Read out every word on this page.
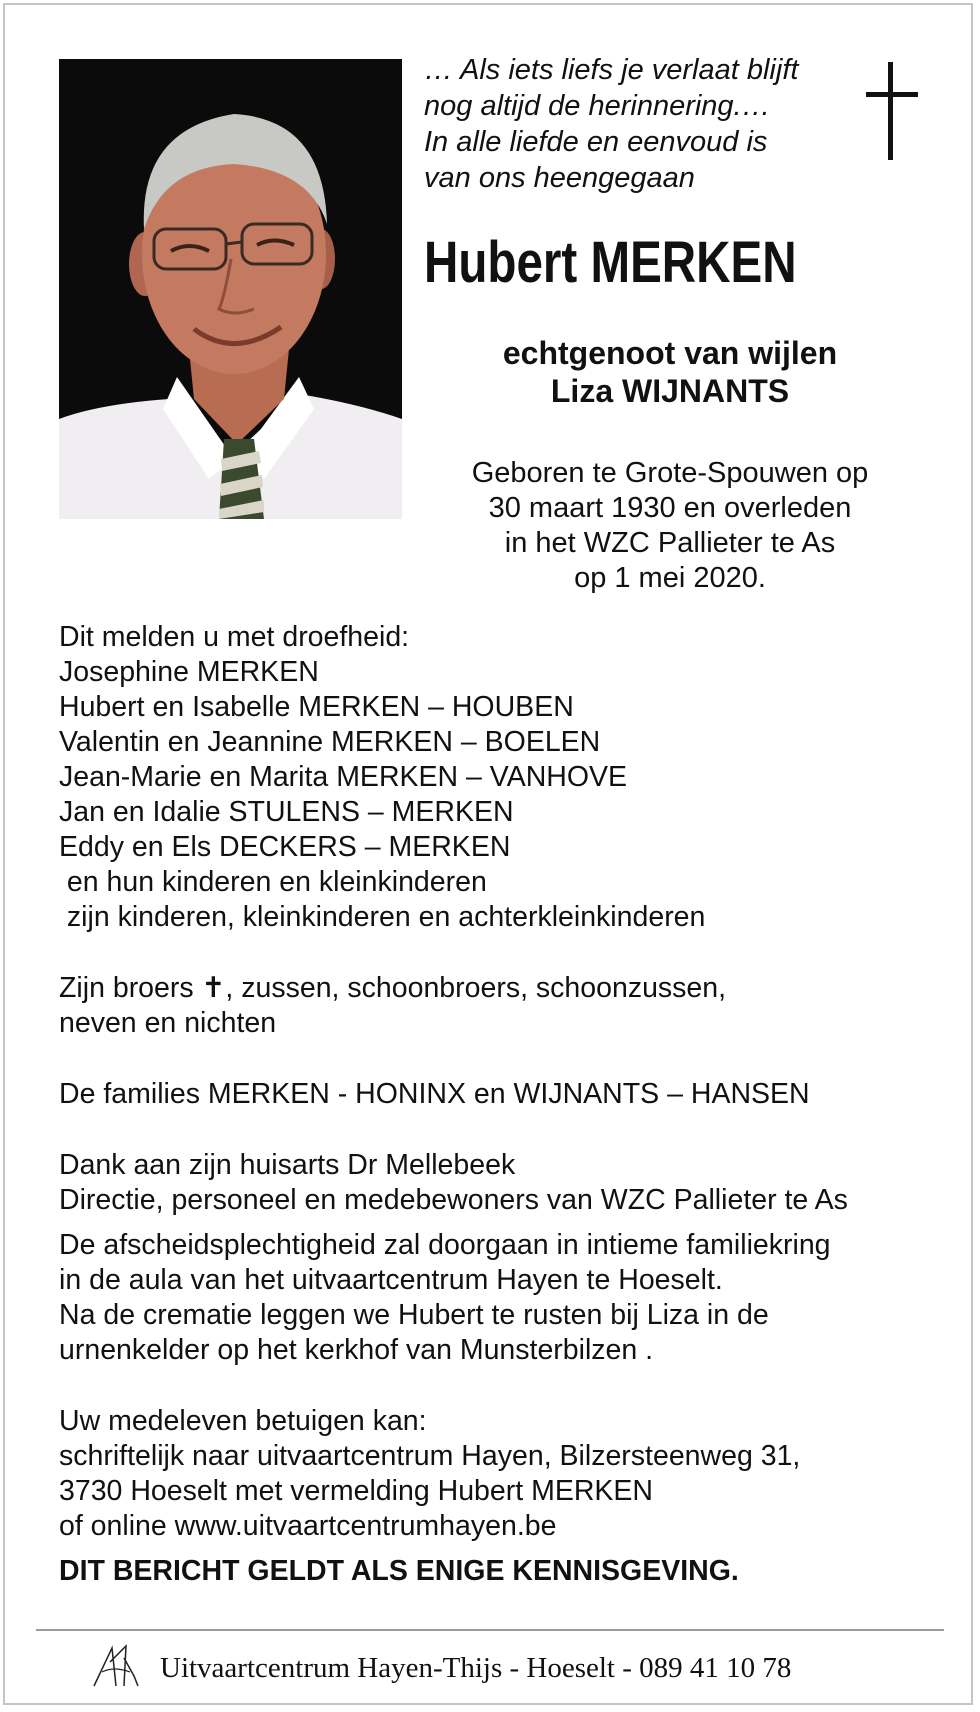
… Als iets liefs je verlaat blijft
nog altijd de herinnering.…
In alle liefde en eenvoud is
van ons heengegaan
Hubert MERKEN
echtgenoot van wijlen
Liza WIJNANTS
Geboren te Grote-Spouwen op
30 maart 1930 en overleden
in het WZC Pallieter te As
op 1 mei 2020.

Dit melden u met droefheid:

Josephine MERKEN

Hubert en Isabelle MERKEN – HOUBEN

Valentin en Jeannine MERKEN – BOELEN

Jean-Marie en Marita MERKEN – VANHOVE

Jan en Idalie STULENS – MERKEN

Eddy en Els DECKERS – MERKEN

en hun kinderen en kleinkinderen

zijn kinderen, kleinkinderen en achterkleinkinderen

Zijn broers ✝, zussen, schoonbroers, schoonzussen,

neven en nichten

De families MERKEN - HONINX en WIJNANTS – HANSEN

Dank aan zijn huisarts Dr Mellebeek

Directie, personeel en medebewoners van WZC Pallieter te As

De afscheidsplechtigheid zal doorgaan in intieme familiekring

in de aula van het uitvaartcentrum Hayen te Hoeselt.

Na de crematie leggen we Hubert te rusten bij Liza in de

urnenkelder op het kerkhof van Munsterbilzen .

Uw medeleven betuigen kan:

schriftelijk naar uitvaartcentrum Hayen, Bilzersteenweg 31,

3730 Hoeselt met vermelding Hubert MERKEN

of online www.uitvaartcentrumhayen.be

DIT BERICHT GELDT ALS ENIGE KENNISGEVING.

Uitvaartcentrum Hayen-Thijs - Hoeselt - 089 41 10 78
